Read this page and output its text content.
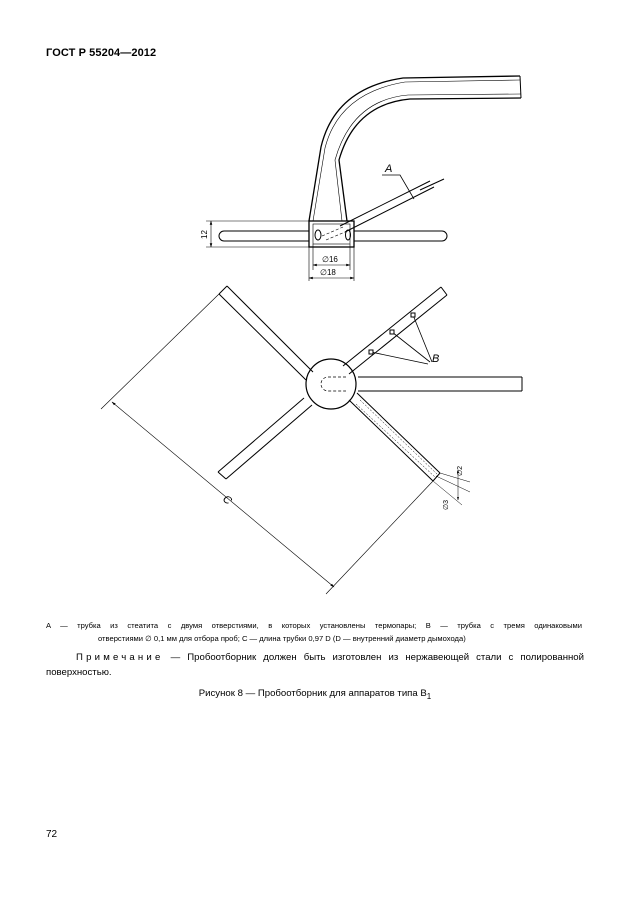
ГОСТ Р 55204—2012
A
12
∅16
∅18
B
C
∅2
∅3
A — трубка из стеатита с двумя отверстиями, в которых установлены термопары; B — трубка с тремя одинаковыми
отверстиями ∅ 0,1 мм для отбора проб; C — длина трубки 0,97 D (D — внутренний диаметр дымохода)
Примечание — Пробоотборник должен быть изготовлен из нержавеющей стали с полированной
поверхностью.
Рисунок 8 — Пробоотборник для аппаратов типа $В_1$
72
